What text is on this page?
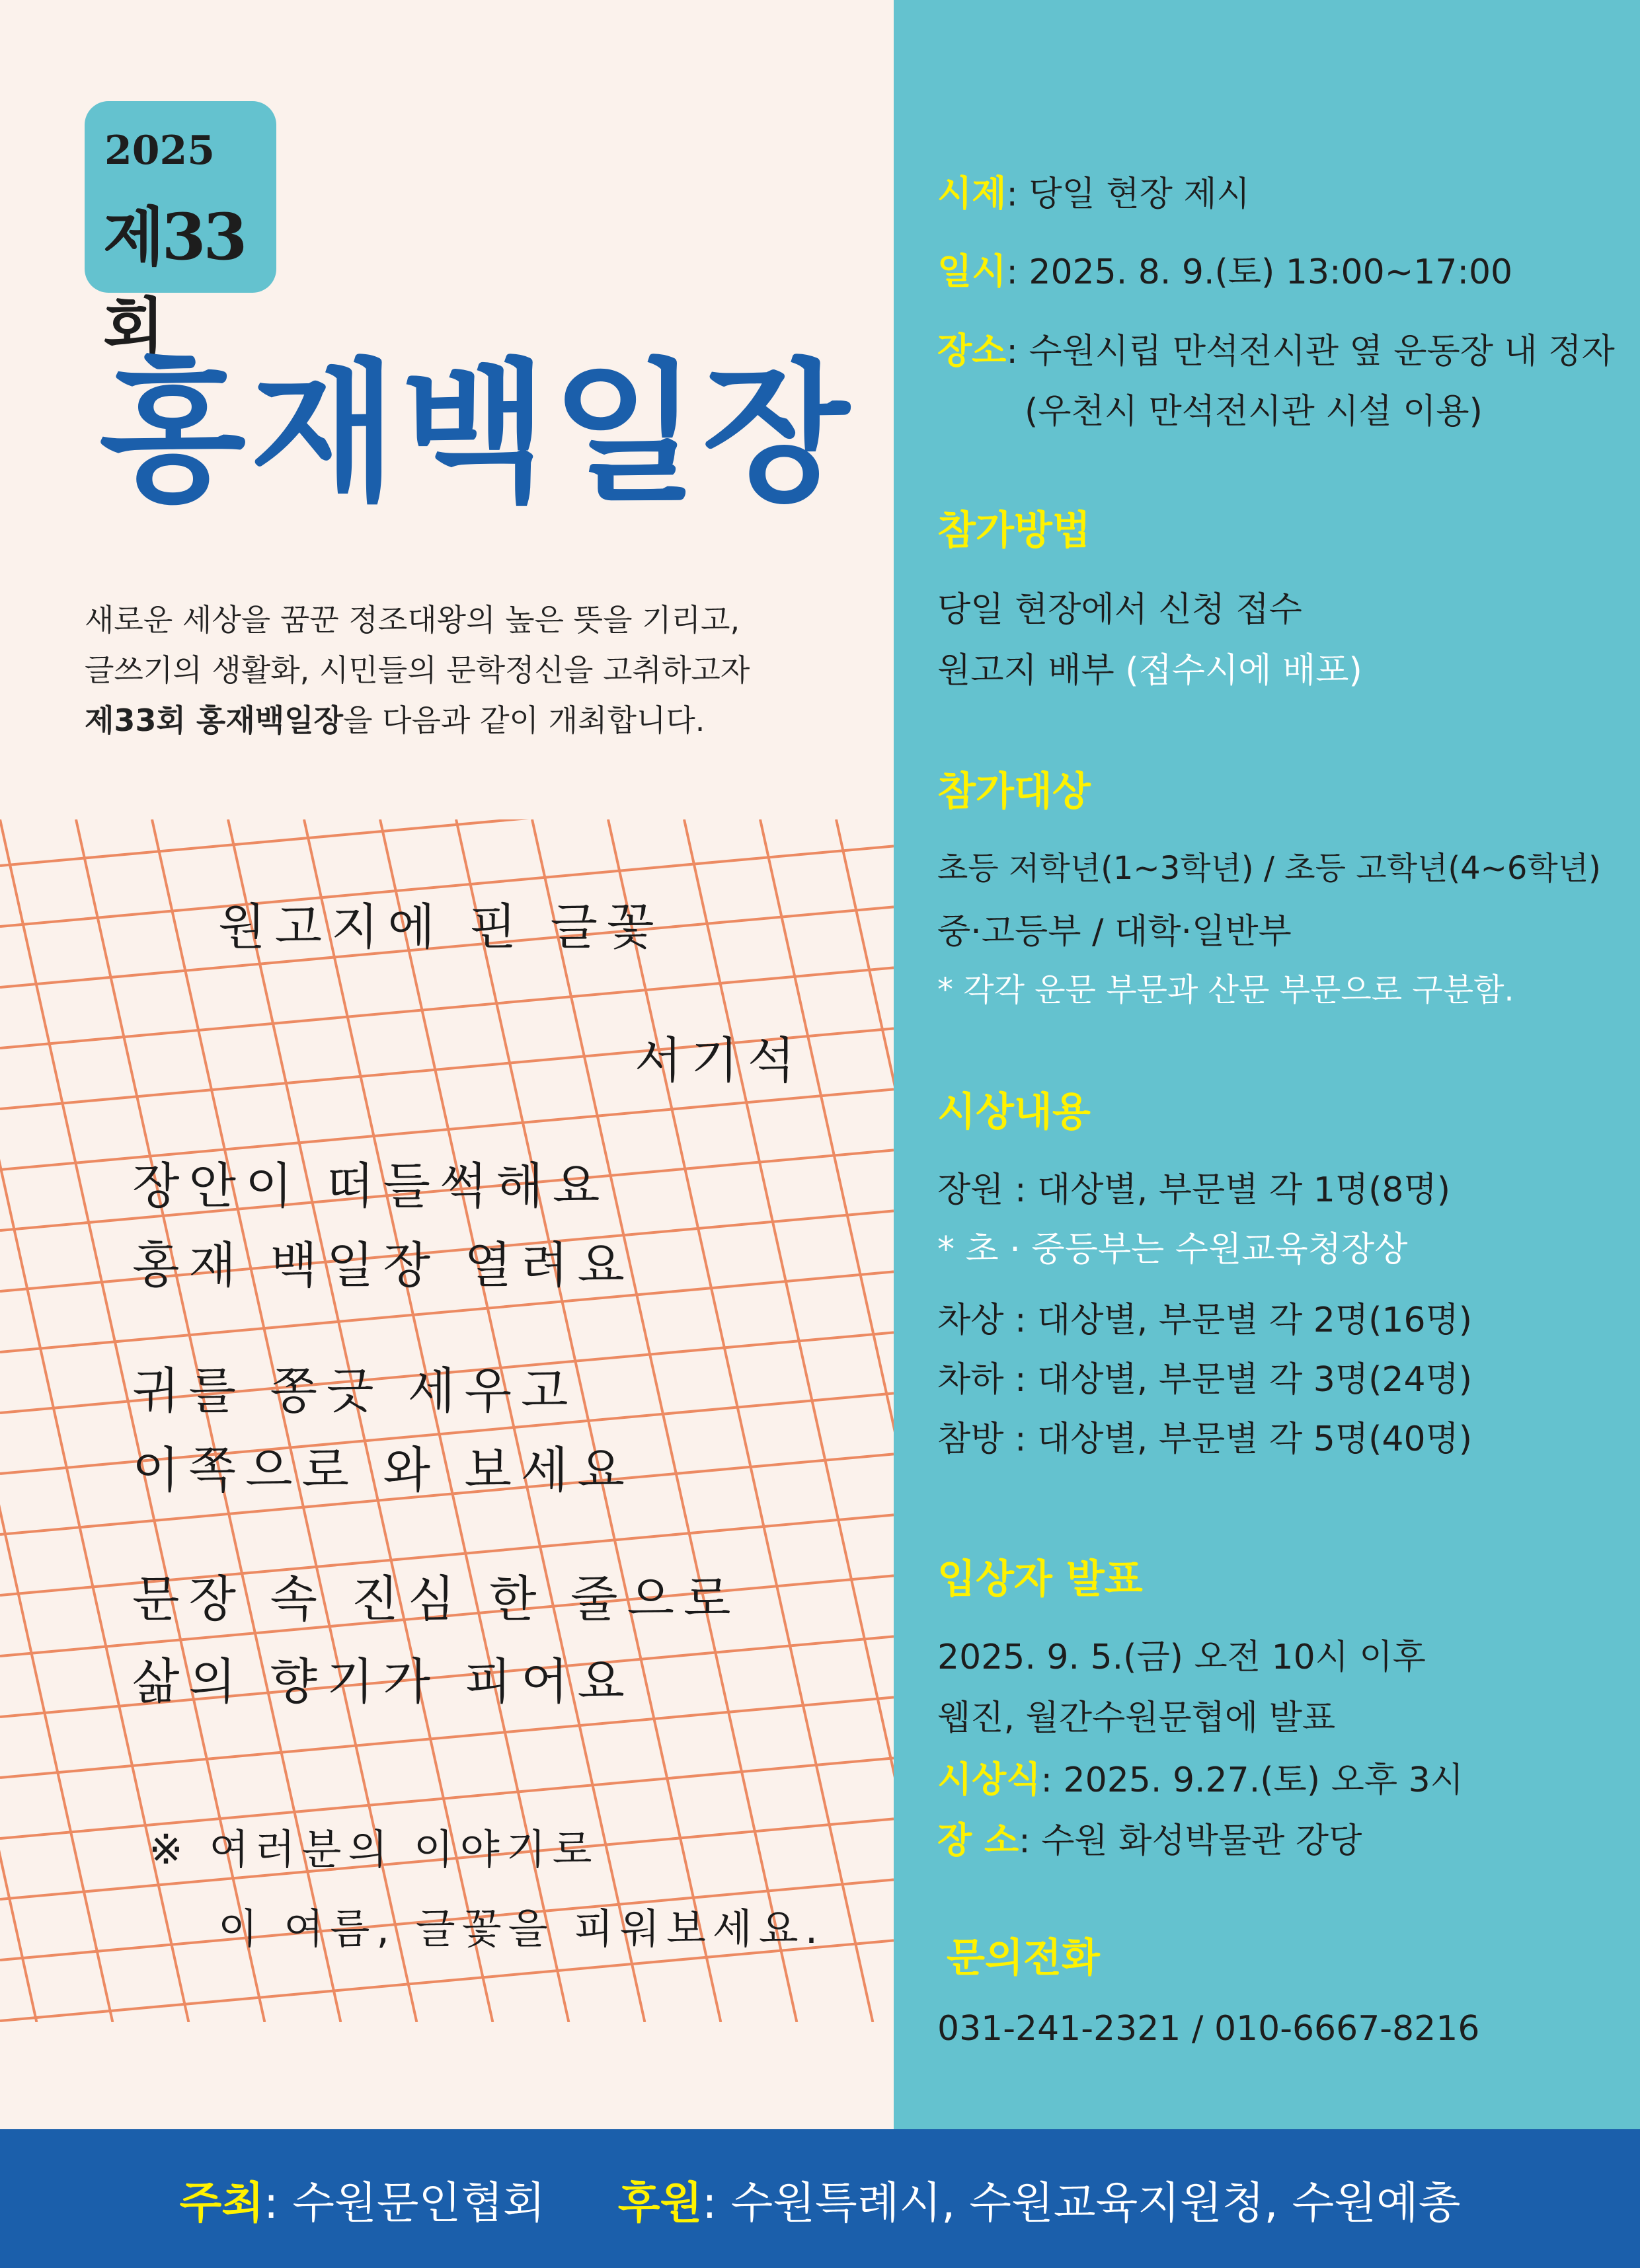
2025
제33회
홍재백일장
새로운 세상을 꿈꾼 정조대왕의 높은 뜻을 기리고,
글쓰기의 생활화, 시민들의 문학정신을 고취하고자
제33회 홍재백일장을 다음과 같이 개최합니다.
원고지에 핀 글꽃
서기석
장안이 떠들썩해요
홍재 백일장 열려요
귀를 쫑긋 세우고
이쪽으로 와 보세요
문장 속 진심 한 줄으로
삶의 향기가 피어요
※ 여러분의 이야기로
이 여름, 글꽃을 피워보세요.
시제: 당일 현장 제시
일시: 2025. 8. 9.(토) 13:00~17:00
장소: 수원시립 만석전시관 옆 운동장 내 정자
(우천시 만석전시관 시설 이용)
참가방법
당일 현장에서 신청 접수
원고지 배부 (접수시에 배포)
참가대상
초등 저학년(1~3학년) / 초등 고학년(4~6학년)
중·고등부 / 대학·일반부
* 각각 운문 부문과 산문 부문으로 구분함.
시상내용
장원 : 대상별, 부문별 각 1명(8명)
* 초 · 중등부는 수원교육청장상
차상 : 대상별, 부문별 각 2명(16명)
차하 : 대상별, 부문별 각 3명(24명)
참방 : 대상별, 부문별 각 5명(40명)
입상자 발표
2025. 9. 5.(금) 오전 10시 이후
웹진, 월간수원문협에 발표
시상식: 2025. 9.27.(토) 오후 3시
장 소: 수원 화성박물관 강당
문의전화
031-241-2321 / 010-6667-8216
주최 : 수원문인협회 후원 : 수원특례시, 수원교육지원청, 수원예총
